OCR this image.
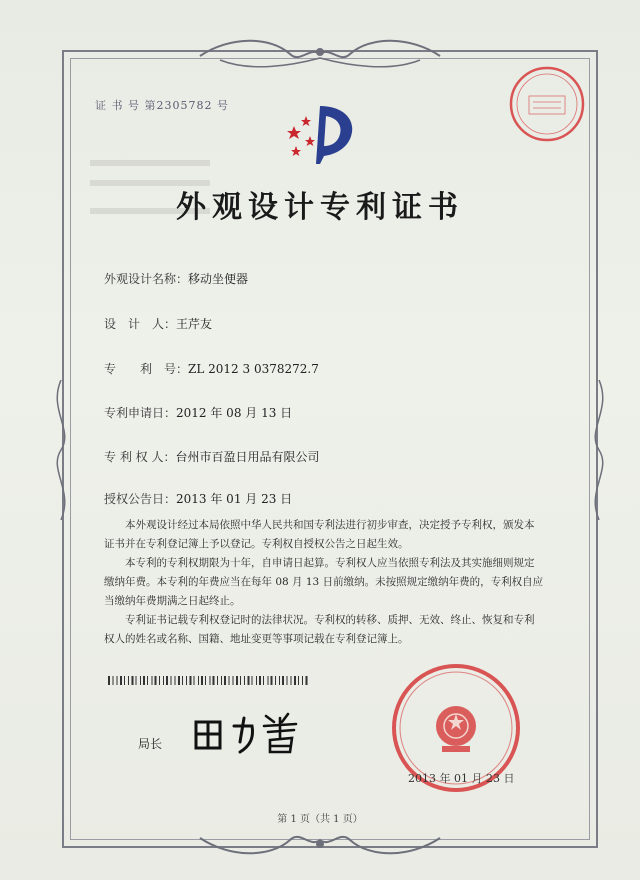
证 书 号 第2305782 号
外观设计专利证书
外观设计名称：移动坐便器
设　计　人：王芹友
专　　利　号：ZL 2012 3 0378272.7
专利申请日：2012 年 08 月 13 日
专 利 权 人：台州市百盈日用品有限公司
授权公告日：2013 年 01 月 23 日

本外观设计经过本局依照中华人民共和国专利法进行初步审查，决定授予专利权，颁发本证书并在专利登记簿上予以登记。专利权自授权公告之日起生效。

本专利的专利权期限为十年，自申请日起算。专利权人应当依照专利法及其实施细则规定缴纳年费。本专利的年费应当在每年 08 月 13 日前缴纳。未按照规定缴纳年费的，专利权自应当缴纳年费期满之日起终止。

专利证书记载专利权登记时的法律状况。专利权的转移、质押、无效、终止、恢复和专利权人的姓名或名称、国籍、地址变更等事项记载在专利登记簿上。

局长
2013 年 01 月 23 日
第 1 页（共 1 页）
